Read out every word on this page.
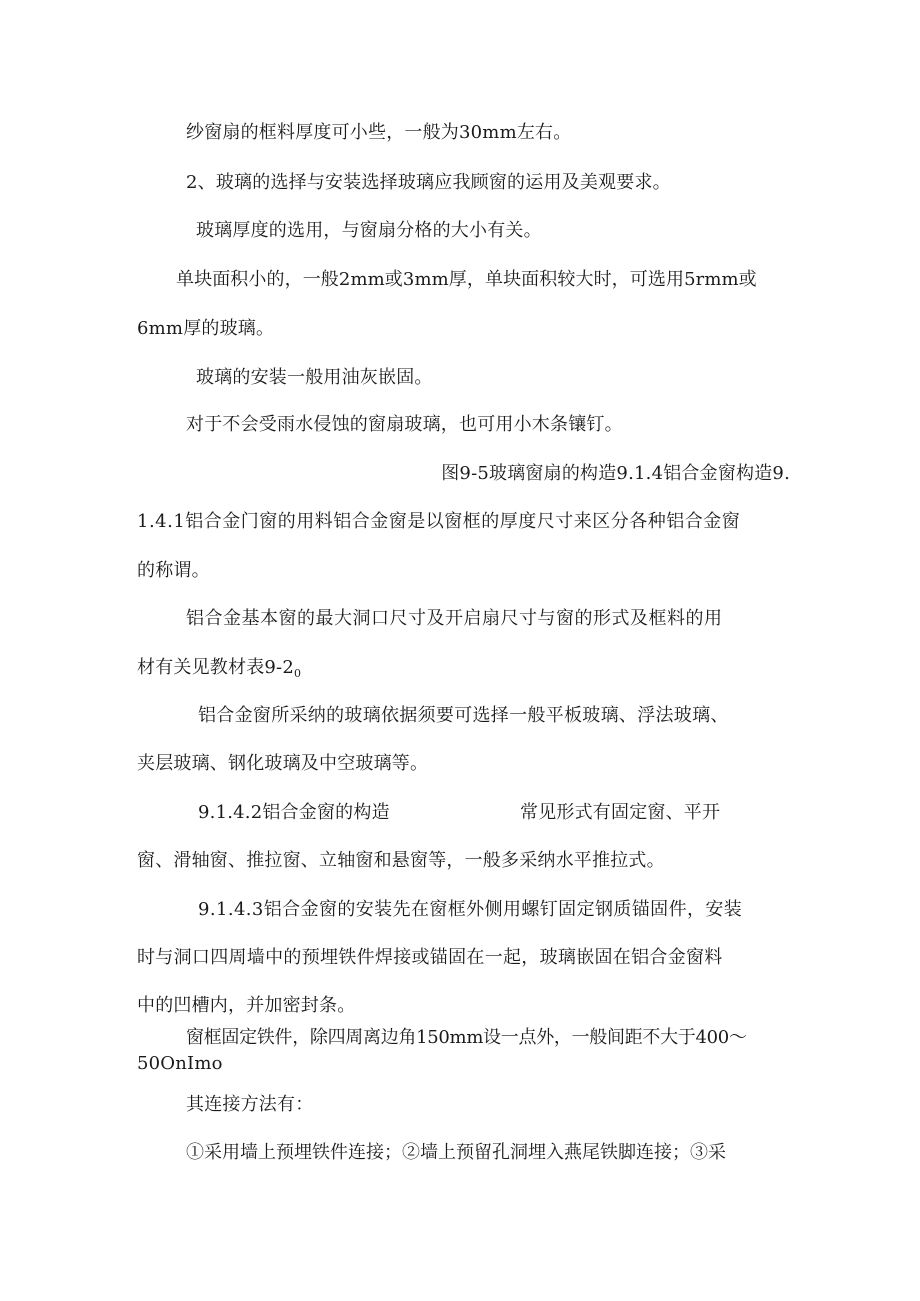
纱窗扇的框料厚度可小些，一般为30mm左右。
2、玻璃的选择与安装选择玻璃应我顾窗的运用及美观要求。
玻璃厚度的选用，与窗扇分格的大小有关。
单块面积小的，一般2mm或3mm厚，单块面积较大时，可选用5rmm或
6mm厚的玻璃。
玻璃的安装一般用油灰嵌固。
对于不会受雨水侵蚀的窗扇玻璃，也可用小木条镶钉。
图9-5玻璃窗扇的构造9.1.4铝合金窗构造9.
1.4.1铝合金门窗的用料铝合金窗是以窗框的厚度尺寸来区分各种铝合金窗
的称谓。
铝合金基本窗的最大洞口尺寸及开启扇尺寸与窗的形式及框料的用
材有关见教材表$9-2_0$
铝合金窗所采纳的玻璃依据须要可选择一般平板玻璃、浮法玻璃、
夹层玻璃、钢化玻璃及中空玻璃等。
9.1.4.2铝合金窗的构造	常见形式有固定窗、平开
窗、滑轴窗、推拉窗、立轴窗和悬窗等，一般多采纳水平推拉式。
9.1.4.3铝合金窗的安装先在窗框外侧用螺钉固定钢质锚固件，安装
时与洞口四周墙中的预埋铁件焊接或锚固在一起，玻璃嵌固在铝合金窗料
中的凹槽内，并加密封条。
窗框固定铁件，除四周离边角150mm设一点外，一般间距不大于400～
50OnImo
其连接方法有：
①采用墙上预埋铁件连接；②墙上预留孔洞埋入燕尾铁脚连接；③采
